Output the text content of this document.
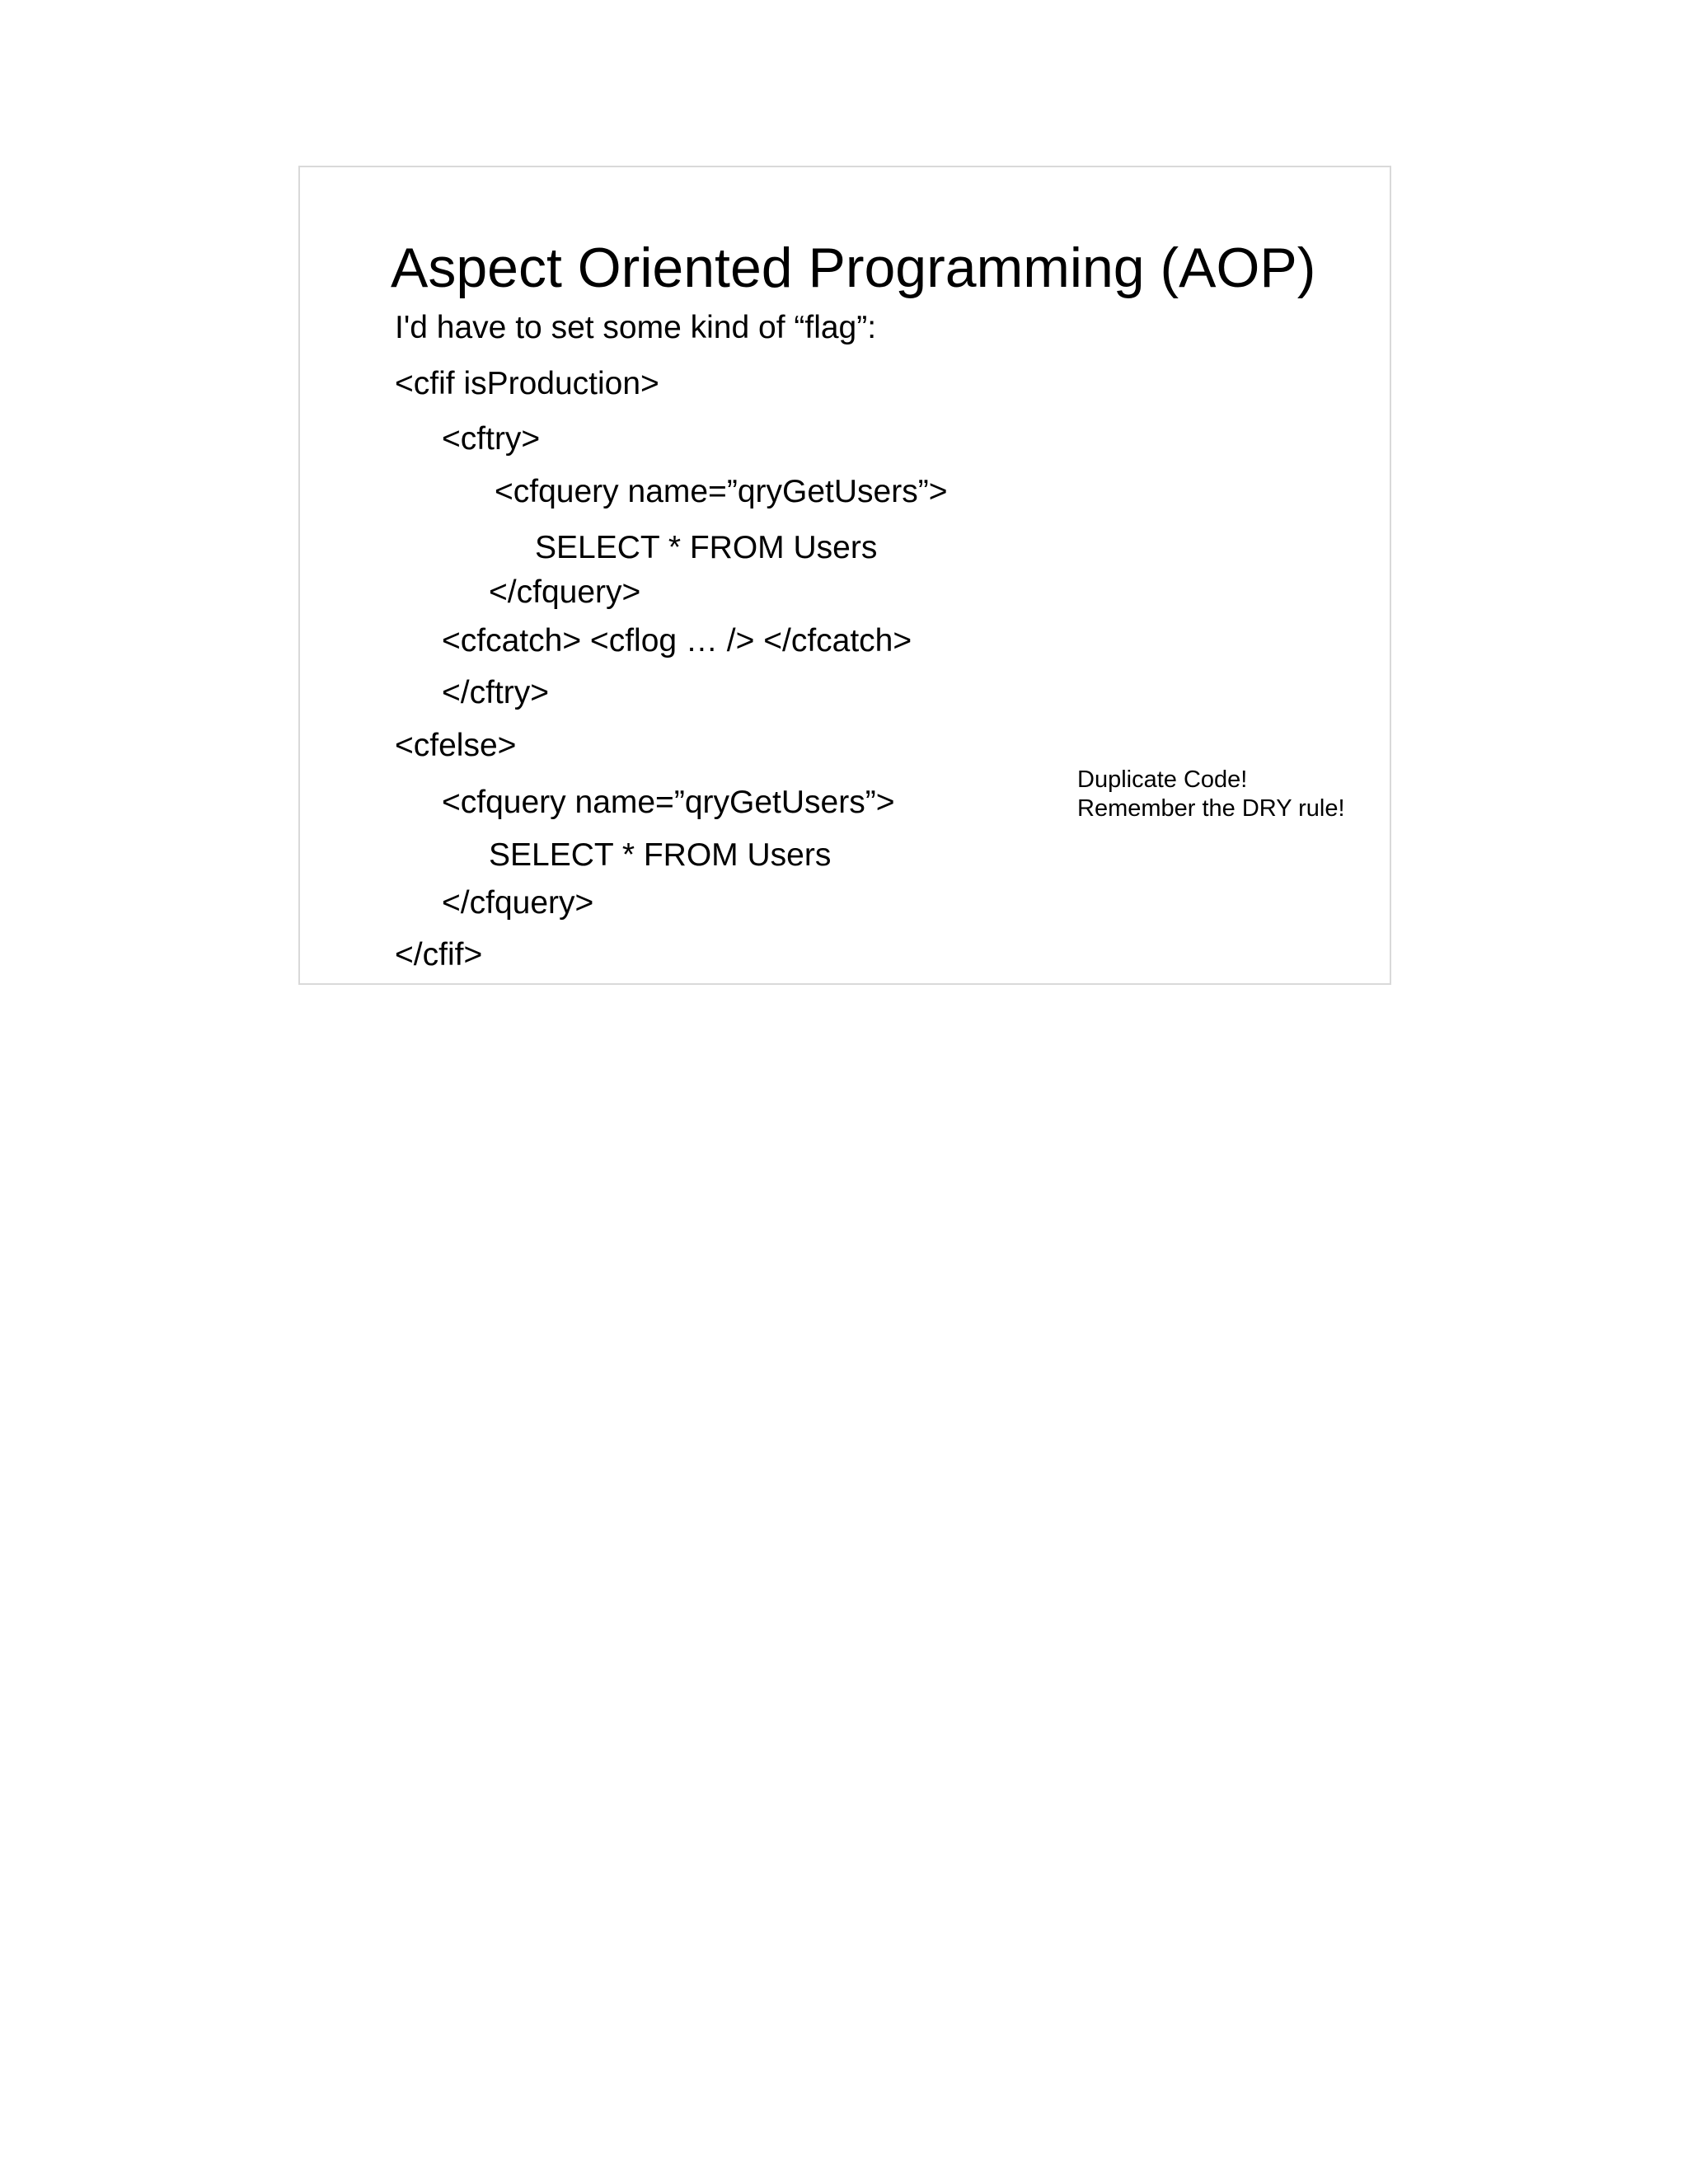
Aspect Oriented Programming (AOP)

I'd have to set some kind of “flag”:

<cfif isProduction>

<cftry>

<cfquery name=”qryGetUsers”>

SELECT * FROM Users

</cfquery>

<cfcatch> <cflog … /> </cfcatch>

</cftry>

<cfelse>

<cfquery name=”qryGetUsers”>

SELECT * FROM Users

</cfquery>

</cfif>

Duplicate Code!
Remember the DRY rule!
